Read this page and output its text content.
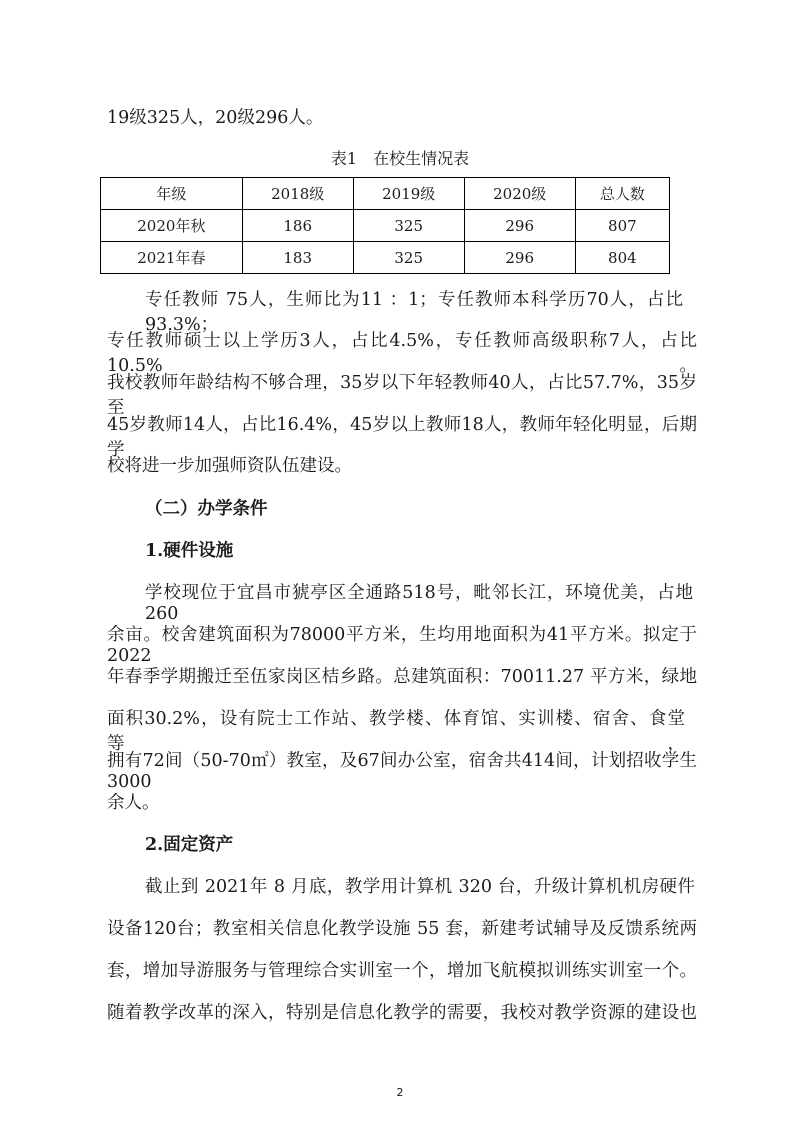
19级325人，20级296人。
表1　在校生情况表
年级	2018级	2019级	2020级	总人数
2020年秋	186	325	296	807
2021年春	183	325	296	804
专任教师 75人，生师比为11 ：1；专任教师本科学历70人，占比93.3%；
专任教师硕士以上学历3人，占比4.5%，专任教师高级职称7人，占比10.5%。
我校教师年龄结构不够合理，35岁以下年轻教师40人，占比57.7%，35岁至
45岁教师14人，占比16.4%，45岁以上教师18人，教师年轻化明显，后期学
校将进一步加强师资队伍建设。
（二）办学条件
1.硬件设施
学校现位于宜昌市猇亭区全通路518号，毗邻长江，环境优美，占地260
余亩。校舍建筑面积为78000平方米，生均用地面积为41平方米。拟定于2022
年春季学期搬迁至伍家岗区桔乡路。总建筑面积：70011.27 平方米，绿地
面积30.2%，设有院士工作站、教学楼、体育馆、实训楼、宿舍、食堂等，
拥有72间（50-70㎡）教室，及67间办公室，宿舍共414间，计划招收学生3000
余人。
2.固定资产
截止到 2021年 8 月底，教学用计算机 320 台，升级计算机机房硬件
设备120台；教室相关信息化教学设施 55 套，新建考试辅导及反馈系统两
套，增加导游服务与管理综合实训室一个，增加飞航模拟训练实训室一个。
随着教学改革的深入，特别是信息化教学的需要，我校对教学资源的建设也
2
